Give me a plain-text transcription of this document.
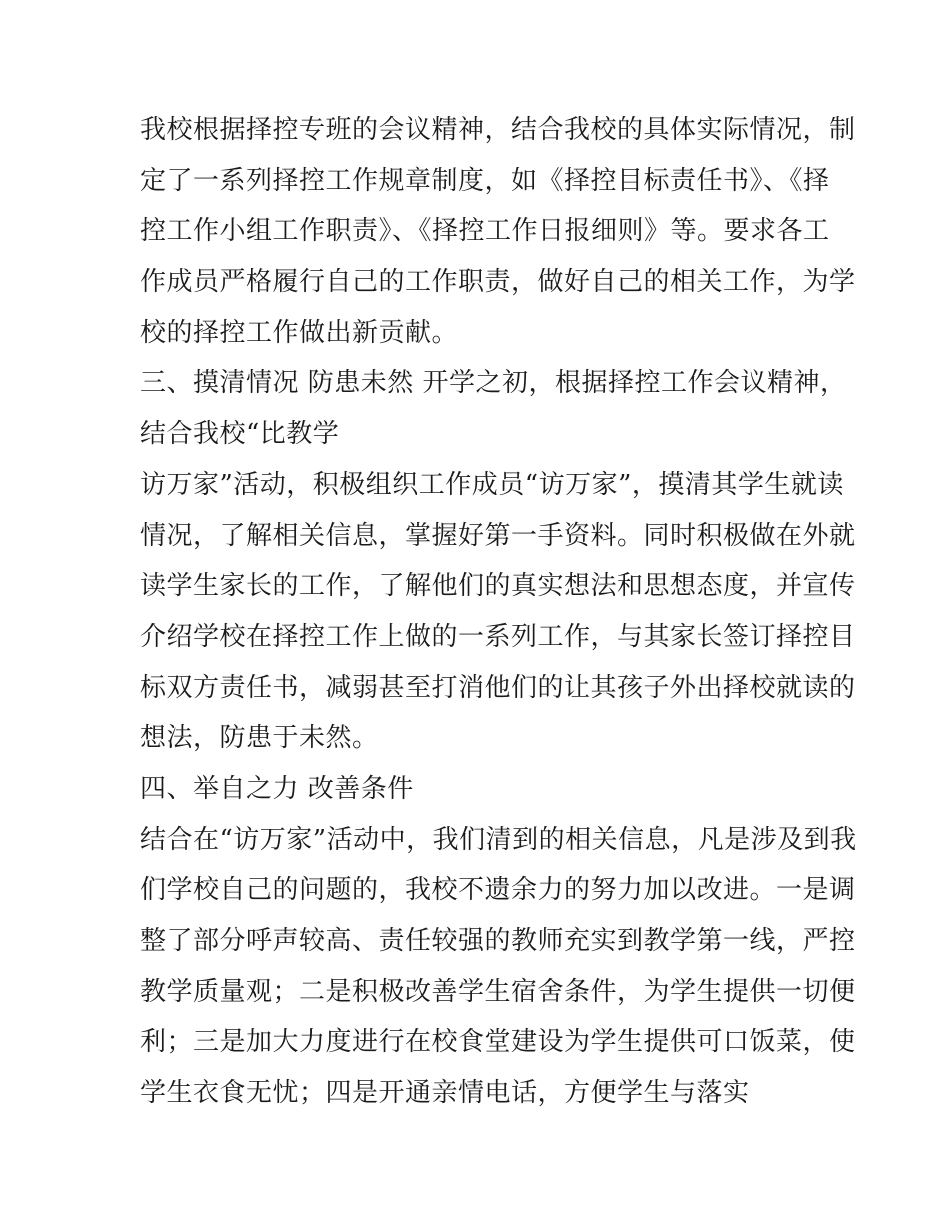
我校根据择控专班的会议精神，结合我校的具体实际情况，制
定了一系列择控工作规章制度，如《择控目标责任书》、《择
控工作小组工作职责》、《择控工作日报细则》等。要求各工
作成员严格履行自己的工作职责，做好自己的相关工作，为学
校的择控工作做出新贡献。
三、摸清情况 防患未然 开学之初，根据择控工作会议精神，
结合我校“比教学
访万家”活动，积极组织工作成员“访万家”，摸清其学生就读
情况，了解相关信息，掌握好第一手资料。同时积极做在外就
读学生家长的工作，了解他们的真实想法和思想态度，并宣传
介绍学校在择控工作上做的一系列工作，与其家长签订择控目
标双方责任书，减弱甚至打消他们的让其孩子外出择校就读的
想法，防患于未然。
四、举自之力 改善条件
结合在“访万家”活动中，我们清到的相关信息，凡是涉及到我
们学校自己的问题的，我校不遗余力的努力加以改进。一是调
整了部分呼声较高、责任较强的教师充实到教学第一线，严控
教学质量观；二是积极改善学生宿舍条件，为学生提供一切便
利；三是加大力度进行在校食堂建设为学生提供可口饭菜，使
学生衣食无忧；四是开通亲情电话，方便学生与落实
